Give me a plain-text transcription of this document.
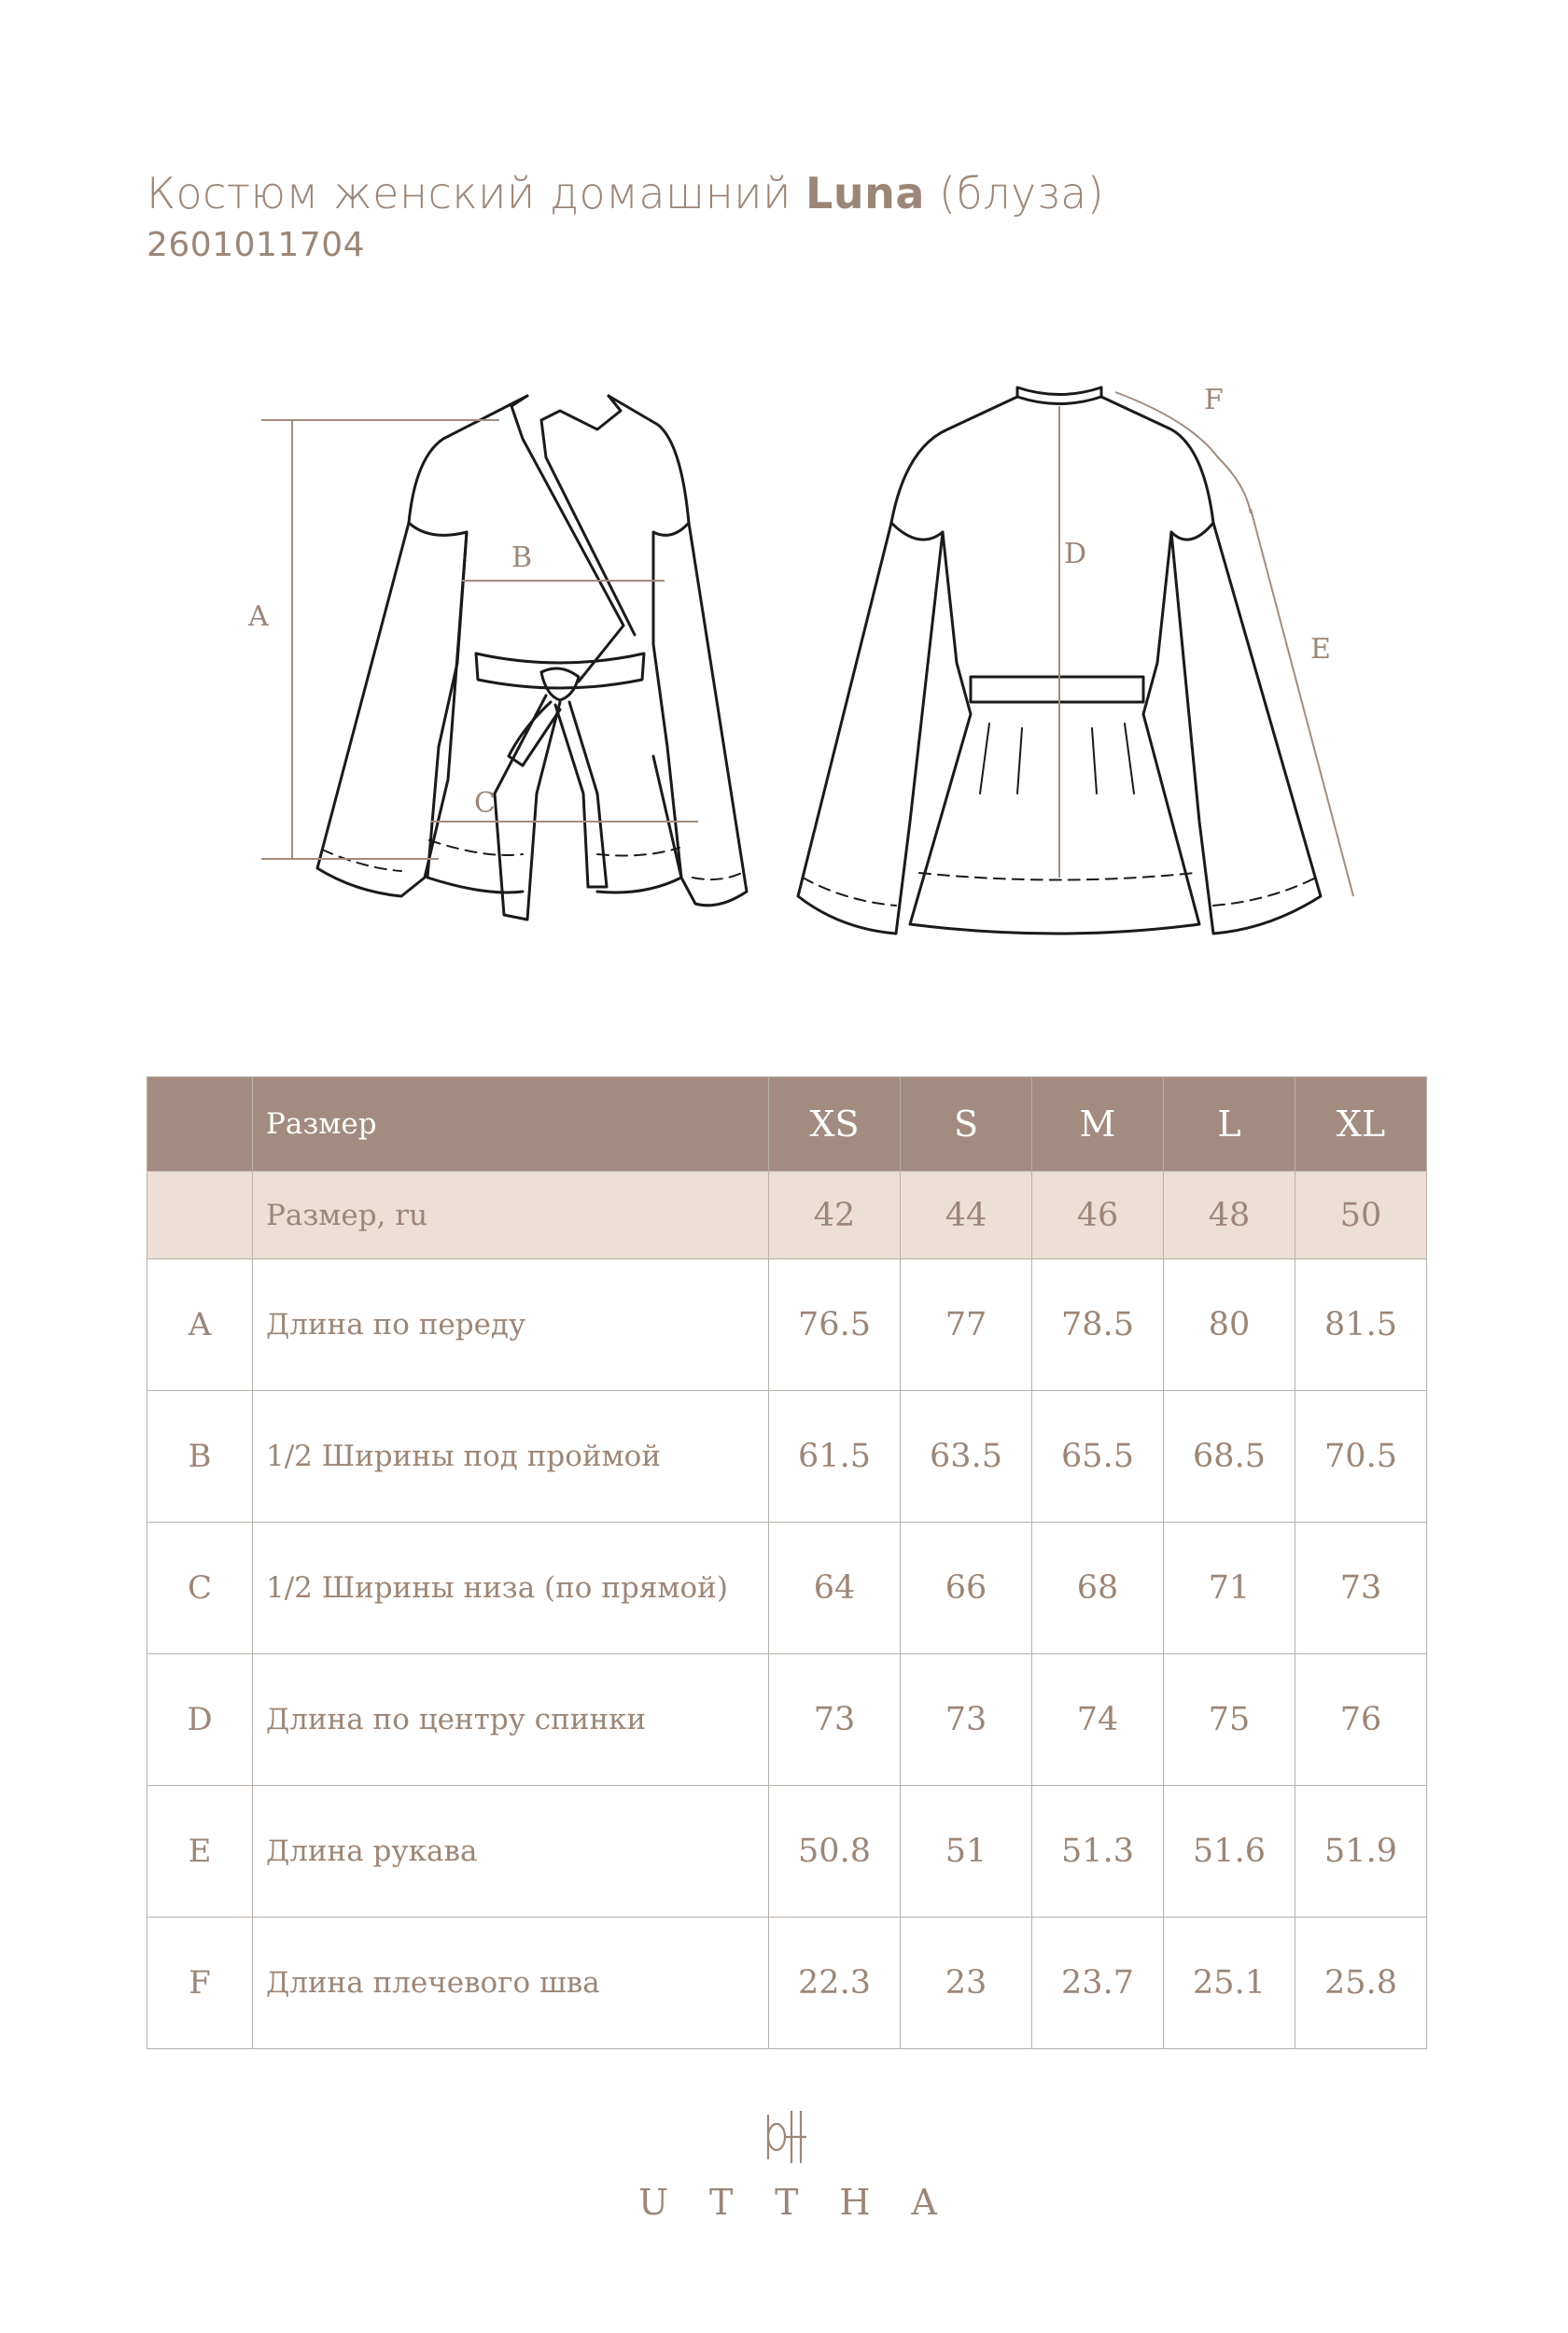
Костюм женский домашний Luna (блуза)
2601011704
A
B
C
D
E
F
	Размер	XS	S	M	L	XL
	Размер, ru	42	44	46	48	50
A	Длина по переду	76.5	77	78.5	80	81.5
B	1/2 Ширины под проймой	61.5	63.5	65.5	68.5	70.5
C	1/2 Ширины низа (по прямой)	64	66	68	71	73
D	Длина по центру спинки	73	73	74	75	76
E	Длина рукава	50.8	51	51.3	51.6	51.9
F	Длина плечевого шва	22.3	23	23.7	25.1	25.8
UTTHA
